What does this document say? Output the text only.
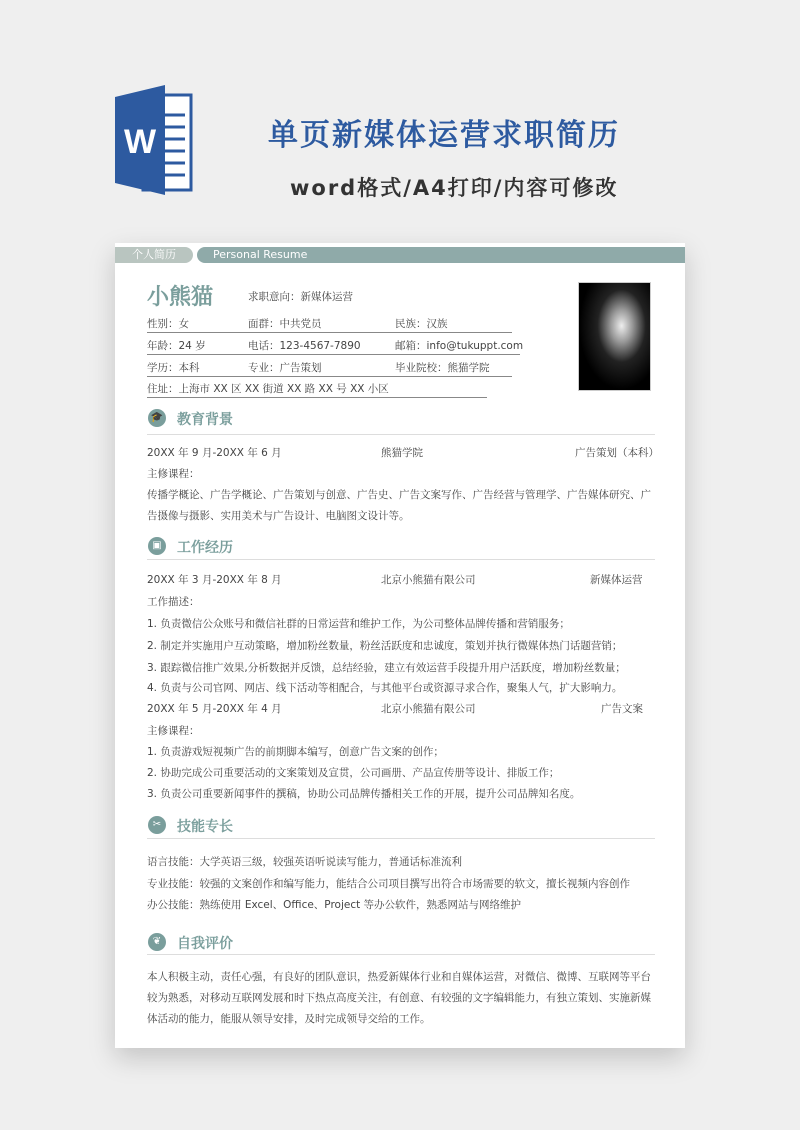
W	单页新媒体运营求职简历
word格式/A4打印/内容可修改
个人简历	Personal Resume
小熊猫	求职意向：新媒体运营
性别：女	面群：中共党员	民族：汉族
年龄：24 岁	电话：123-4567-7890	邮箱：info@tukuppt.com
学历：本科	专业：广告策划	毕业院校：熊猫学院
住址：上海市 XX 区 XX 街道 XX 路 XX 号 XX 小区
🎓 教育背景
20XX 年 9 月-20XX 年 6 月	熊猫学院	广告策划（本科）
主修课程：
传播学概论、广告学概论、广告策划与创意、广告史、广告文案写作、广告经营与管理学、广告媒体研究、广
告摄像与摄影、实用美术与广告设计、电脑图文设计等。
▣	工作经历
20XX 年 3 月-20XX 年 8 月	北京小熊猫有限公司	新媒体运营
工作描述：
1. 负责微信公众账号和微信社群的日常运营和维护工作，为公司整体品牌传播和营销服务；
2. 制定并实施用户互动策略，增加粉丝数量，粉丝活跃度和忠诚度，策划并执行微媒体热门话题营销；
3. 跟踪微信推广效果,分析数据并反馈，总结经验，建立有效运营手段提升用户活跃度，增加粉丝数量；
4. 负责与公司官网、网店、线下活动等相配合，与其他平台或资源寻求合作，聚集人气，扩大影响力。
20XX 年 5 月-20XX 年 4 月	北京小熊猫有限公司	广告文案
主修课程：
1. 负责游戏短视频广告的前期脚本编写，创意广告文案的创作；
2. 协助完成公司重要活动的文案策划及宣贯，公司画册、产品宣传册等设计、排版工作；
3. 负责公司重要新闻事件的撰稿，协助公司品牌传播相关工作的开展，提升公司品牌知名度。
✂	技能专长
语言技能：大学英语三级，较强英语听说读写能力，普通话标准流利
专业技能：较强的文案创作和编写能力，能结合公司项目撰写出符合市场需要的软文，擅长视频内容创作
办公技能：熟练使用 Excel、Office、Project 等办公软件，熟悉网站与网络维护
❦	自我评价
本人积极主动，责任心强，有良好的团队意识，热爱新媒体行业和自媒体运营，对微信、微博、互联网等平台
较为熟悉，对移动互联网发展和时下热点高度关注，有创意、有较强的文字编辑能力，有独立策划、实施新媒
体活动的能力，能服从领导安排，及时完成领导交给的工作。
